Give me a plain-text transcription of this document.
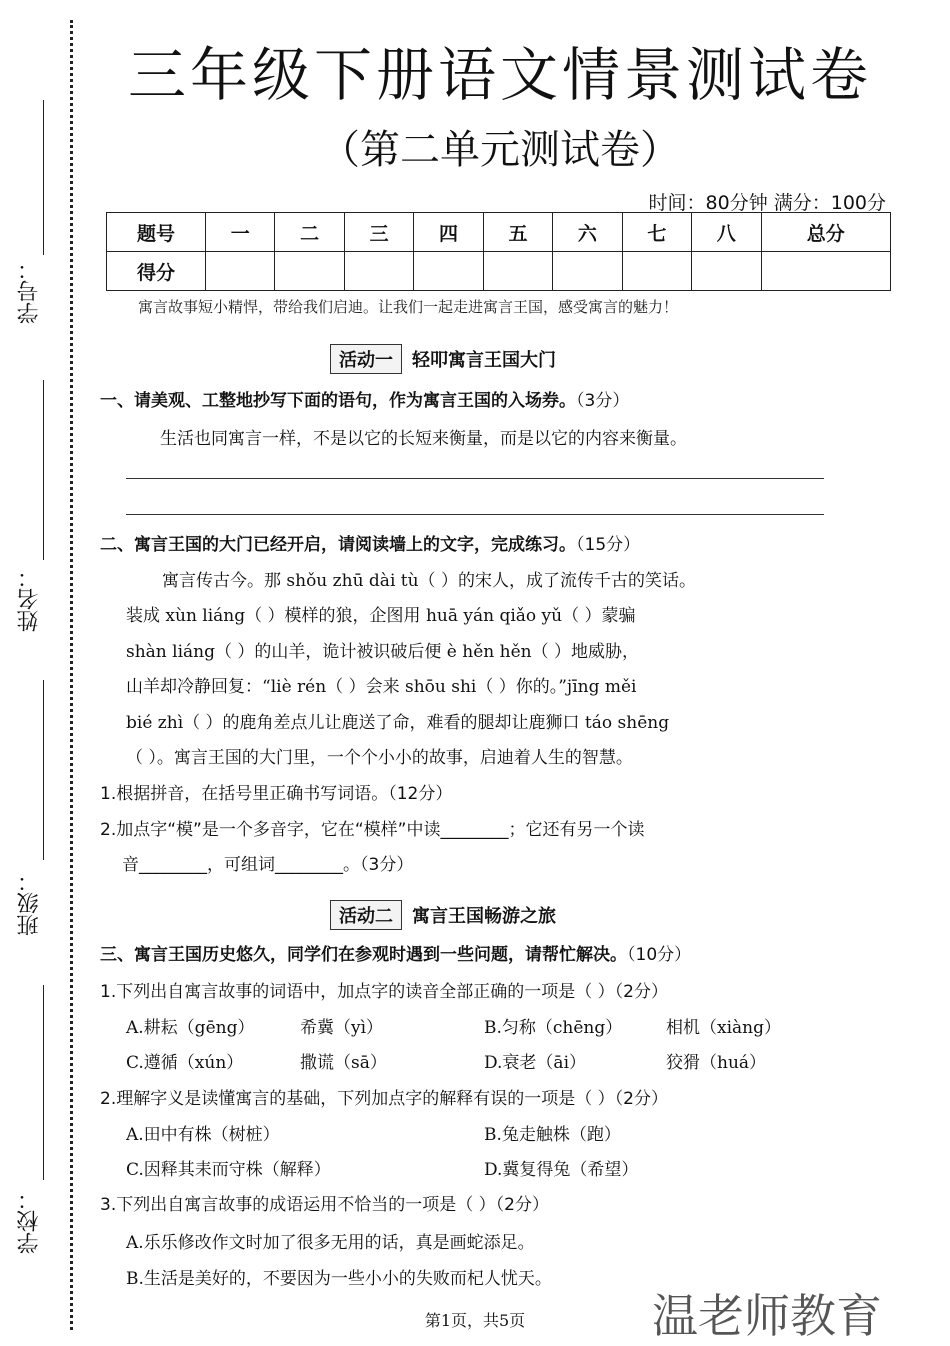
学号：
姓名：
班级：
学校：
三年级下册语文情景测试卷
（第二单元测试卷）
时间：80分钟 满分：100分
题号	一	二	三	四	五	六	七	八	总分
得分									
寓言故事短小精悍，带给我们启迪。让我们一起走进寓言王国，感受寓言的魅力！
活动一 轻叩寓言王国大门
一、请美观、工整地抄写下面的语句，作为寓言王国的入场券。（3分）
生活也同寓言一样，不是以它的长短来衡量，而是以它的内容来衡量。
二、寓言王国的大门已经开启，请阅读墙上的文字，完成练习。（15分）
寓言传古今。那 shǒu zhū dài tù（ ）的宋人，成了流传千古的笑话。
装成 xùn liáng（ ）模样的狼，企图用 huā yán qiǎo yǔ（ ）蒙骗
shàn liáng（ ）的山羊，诡计被识破后便 è hěn hěn（ ）地威胁，
山羊却冷静回复：“liè rén（ ）会来 shōu shi（ ）你的。”jīng měi
bié zhì（ ）的鹿角差点儿让鹿送了命，难看的腿却让鹿狮口 táo shēng
（ ）。寓言王国的大门里，一个个小小的故事，启迪着人生的智慧。
1.根据拼音，在括号里正确书写词语。（12分）
2.加点字“模”是一个多音字，它在“模样”中读________；它还有另一个读
音________，可组词________。（3分）
活动二 寓言王国畅游之旅
三、寓言王国历史悠久，同学们在参观时遇到一些问题，请帮忙解决。（10分）
1.下列出自寓言故事的词语中，加点字的读音全部正确的一项是（ ）（2分）
A.耕耘（gēng）	希冀（yì）	B.匀称（chēng）	相机（xiàng）
C.遵循（xún）	撒谎（sā）	D.衰老（āi）	狡猾（huá）
2.理解字义是读懂寓言的基础，下列加点字的解释有误的一项是（ ）（2分）
A.田中有株（树桩）	B.兔走触株（跑）
C.因释其耒而守株（解释）	D.冀复得兔（希望）
3.下列出自寓言故事的成语运用不恰当的一项是（ ）（2分）
A.乐乐修改作文时加了很多无用的话，真是画蛇添足。
B.生活是美好的，不要因为一些小小的失败而杞人忧天。
温老师教育
第1页，共5页
